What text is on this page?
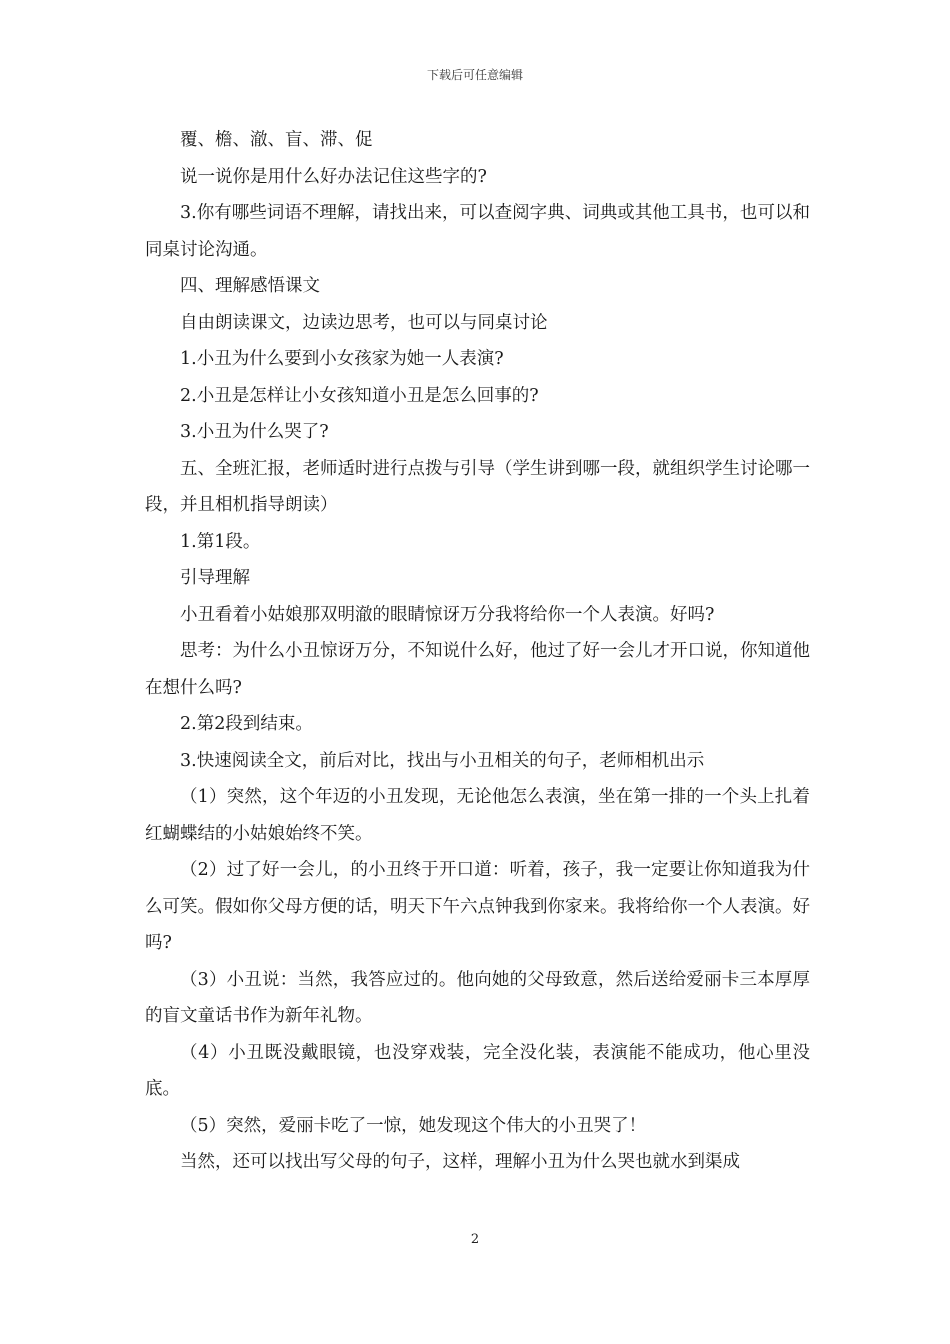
下载后可任意编辑

覆、檐、澈、盲、滞、促

说一说你是用什么好办法记住这些字的?

3.你有哪些词语不理解，请找出来，可以查阅字典、词典或其他工具书，也可以和同桌讨论沟通。

四、理解感悟课文

自由朗读课文，边读边思考，也可以与同桌讨论

1.小丑为什么要到小女孩家为她一人表演?

2.小丑是怎样让小女孩知道小丑是怎么回事的?

3.小丑为什么哭了?

五、全班汇报，老师适时进行点拨与引导（学生讲到哪一段，就组织学生讨论哪一段，并且相机指导朗读）

1.第1段。

引导理解

小丑看着小姑娘那双明澈的眼睛惊讶万分我将给你一个人表演。好吗?

思考：为什么小丑惊讶万分，不知说什么好，他过了好一会儿才开口说，你知道他在想什么吗?

2.第2段到结束。

3.快速阅读全文，前后对比，找出与小丑相关的句子，老师相机出示

（1）突然，这个年迈的小丑发现，无论他怎么表演，坐在第一排的一个头上扎着红蝴蝶结的小姑娘始终不笑。

（2）过了好一会儿，的小丑终于开口道：听着，孩子，我一定要让你知道我为什么可笑。假如你父母方便的话，明天下午六点钟我到你家来。我将给你一个人表演。好吗?

（3）小丑说：当然，我答应过的。他向她的父母致意，然后送给爱丽卡三本厚厚的盲文童话书作为新年礼物。

（4）小丑既没戴眼镜，也没穿戏装，完全没化装，表演能不能成功，他心里没底。

（5）突然，爱丽卡吃了一惊，她发现这个伟大的小丑哭了！

当然，还可以找出写父母的句子，这样，理解小丑为什么哭也就水到渠成

2
